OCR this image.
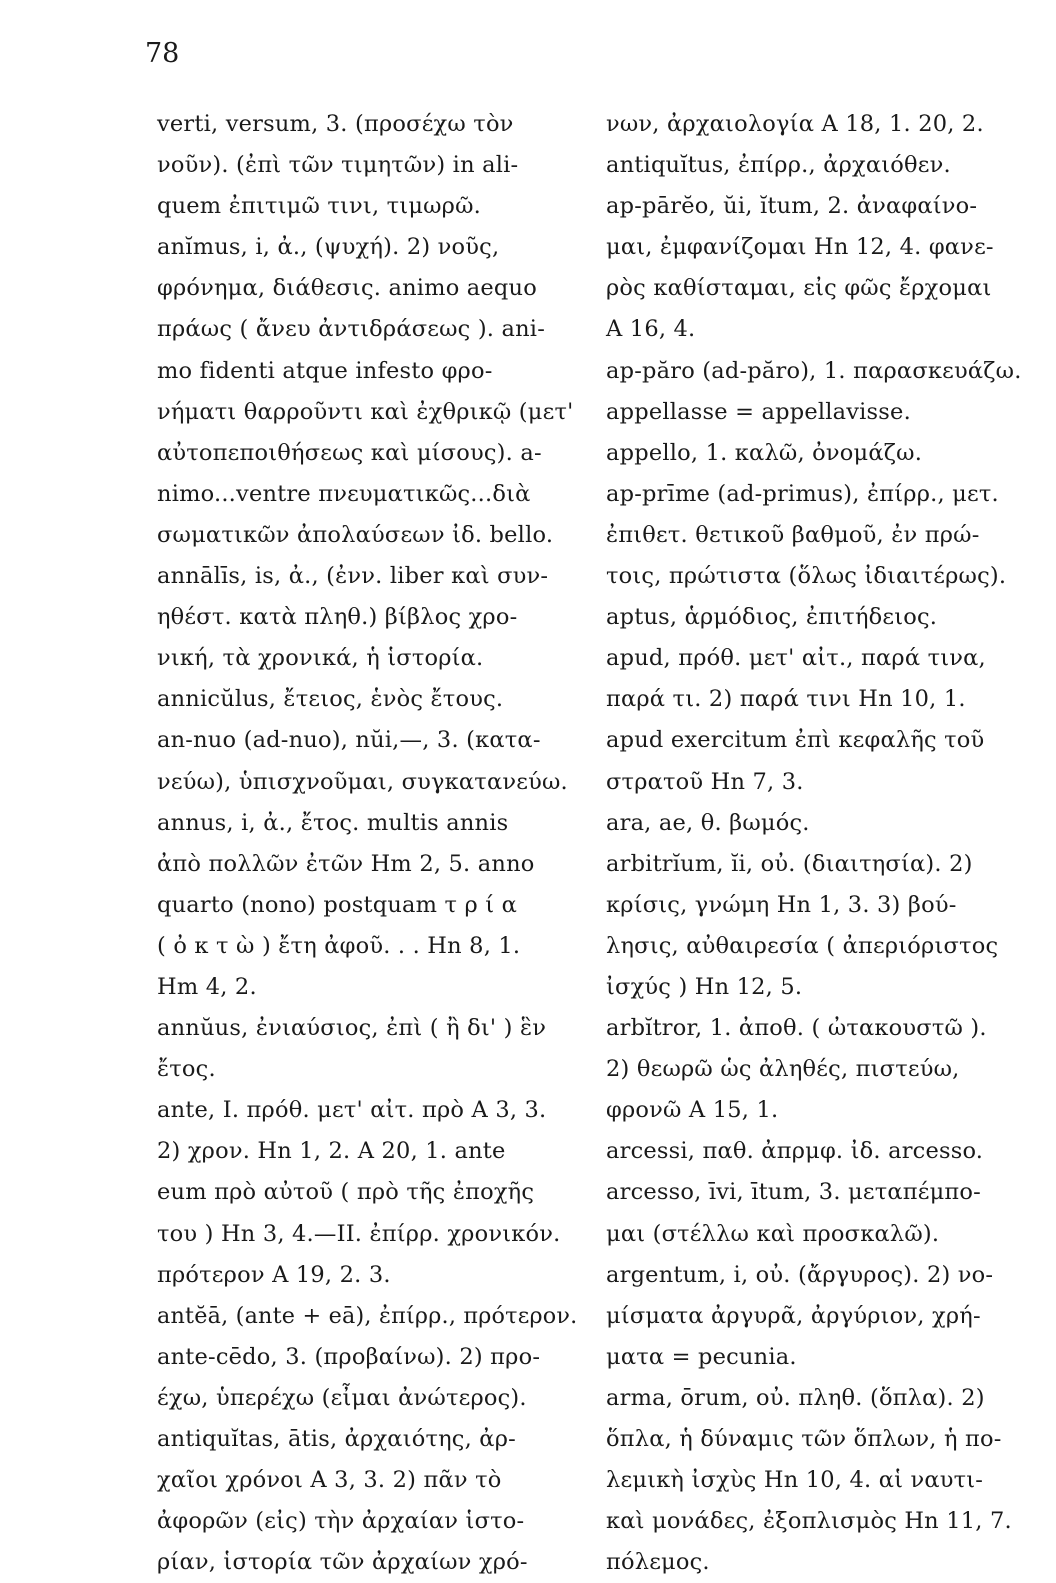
78
verti, versum, 3. (προσέχω τὸν
νοῦν). (ἐπὶ τῶν τιμητῶν) in ali-
quem ἐπιτιμῶ τινι, τιμωρῶ.
anĭmus, i, ἀ., (ψυχή). 2) νοῦς,
φρόνημα, διάθεσις. animo aequo
πράως ( ἄνευ ἀντιδράσεως ). ani-
mo fidenti atque infesto φρο-
νήματι θαρροῦντι καὶ ἐχθρικῷ (μετ'
αὐτοπεποιθήσεως καὶ μίσους). a-
nimo...ventre πνευματικῶς...διὰ
σωματικῶν ἀπολαύσεων ἰδ. bello.
annālīs, is, ἀ., (ἐνν. liber καὶ συν-
ηθέστ. κατὰ πληθ.) βίβλος χρο-
νική, τὰ χρονικά, ἡ ἱστορία.
annicŭlus, ἔτειος, ἑνὸς ἔτους.
an-nuo (ad-nuo), nŭi,—, 3. (κατα-
νεύω), ὑπισχνοῦμαι, συγκατανεύω.
annus, i, ἀ., ἔτος. multis annis
ἀπὸ πολλῶν ἐτῶν Hm 2, 5. anno
quarto (nono) postquam τ ρ ί α
( ὀ κ τ ὼ ) ἔτη ἀφοῦ. . . Hn 8, 1.
Hm 4, 2.
annŭus, ἐνιαύσιος, ἐπὶ ( ἢ δι' ) ἓν
ἔτος.
ante, I. πρόθ. μετ' αἰτ. πρὸ A 3, 3.
2) χρον. Hn 1, 2. A 20, 1. ante
eum πρὸ αὐτοῦ ( πρὸ τῆς ἐποχῆς
του ) Hn 3, 4.—II. ἐπίρρ. χρονικόν.
πρότερον A 19, 2. 3.
antĕā, (ante + eā), ἐπίρρ., πρότερον.
ante-cēdo, 3. (προβαίνω). 2) προ-
έχω, ὑπερέχω (εἶμαι ἀνώτερος).
antiquĭtas, ātis, ἀρχαιότης, ἀρ-
χαῖοι χρόνοι A 3, 3. 2) πᾶν τὸ
ἀφορῶν (εἰς) τὴν ἀρχαίαν ἱστο-
ρίαν, ἱστορία τῶν ἀρχαίων χρό-
νων, ἀρχαιολογία A 18, 1. 20, 2.
antiquĭtus, ἐπίρρ., ἀρχαιόθεν.
ap-pārĕo, ŭi, ĭtum, 2. ἀναφαίνο-
μαι, ἐμφανίζομαι Hn 12, 4. φανε-
ρὸς καθίσταμαι, εἰς φῶς ἔρχομαι
A 16, 4.
ap-păro (ad-păro), 1. παρασκευάζω.
appellasse = appellavisse.
appello, 1. καλῶ, ὀνομάζω.
ap-prīme (ad-primus), ἐπίρρ., μετ.
ἐπιθετ. θετικοῦ βαθμοῦ, ἐν πρώ-
τοις, πρώτιστα (ὅλως ἰδιαιτέρως).
aptus, ἁρμόδιος, ἐπιτήδειος.
apud, πρόθ. μετ' αἰτ., παρά τινα,
παρά τι. 2) παρά τινι Hn 10, 1.
apud exercitum ἐπὶ κεφαλῆς τοῦ
στρατοῦ Hn 7, 3.
ara, ae, θ. βωμός.
arbitrĭum, ĭi, οὐ. (διαιτησία). 2)
κρίσις, γνώμη Hn 1, 3. 3) βού-
λησις, αὐθαιρεσία ( ἀπεριόριστος
ἰσχύς ) Hn 12, 5.
arbĭtror, 1. ἀποθ. ( ὠτακουστῶ ).
2) θεωρῶ ὡς ἀληθές, πιστεύω,
φρονῶ A 15, 1.
arcessi, παθ. ἀπρμφ. ἰδ. arcesso.
arcesso, īvi, ītum, 3. μεταπέμπο-
μαι (στέλλω καὶ προσκαλῶ).
argentum, i, οὐ. (ἄργυρος). 2) νο-
μίσματα ἀργυρᾶ, ἀργύριον, χρή-
ματα = pecunia.
arma, ōrum, οὐ. πληθ. (ὅπλα). 2)
ὅπλα, ἡ δύναμις τῶν ὅπλων, ἡ πο-
λεμικὴ ἰσχὺς Hn 10, 4. αἱ ναυτι-
καὶ μονάδες, ἐξοπλισμὸς Hn 11, 7.
πόλεμος.
